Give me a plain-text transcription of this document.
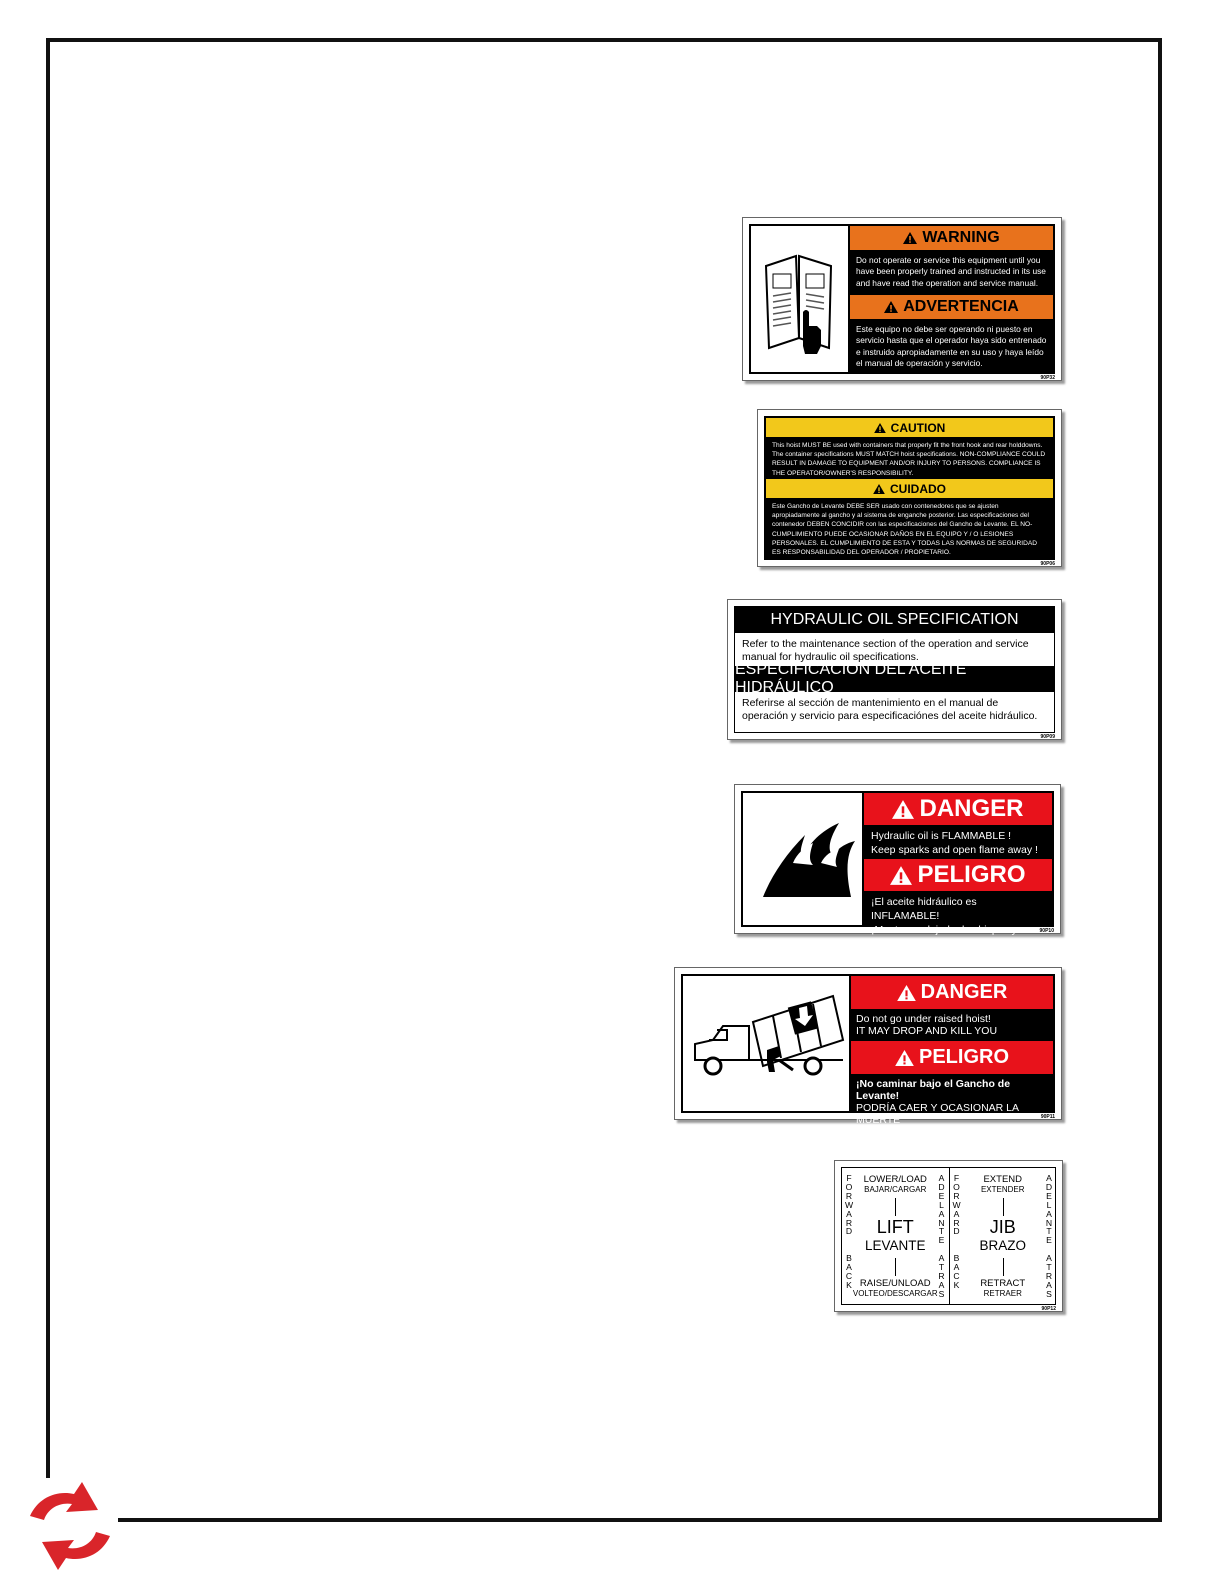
WARNING
Do not operate or service this equipment until you have been properly trained and instructed in its use and have read the operation and service manual.
ADVERTENCIA
Este equipo no debe ser operando ni puesto en servicio hasta que el operador haya sido entrenado e instruido apropiadamente en su uso y haya leído el manual de operación y servicio.
90P32
CAUTION
This hoist MUST BE used with containers that properly fit the front hook and rear holddowns. The container specifications MUST MATCH hoist specifications. NON-COMPLIANCE COULD RESULT IN DAMAGE TO EQUIPMENT AND/OR INJURY TO PERSONS. COMPLIANCE IS THE OPERATOR/OWNER'S RESPONSIBILITY.
CUIDADO
Este Gancho de Levante DEBE SER usado con contenedores que se ajusten apropiadamente al gancho y al sistema de enganche posterior. Las especificaciones del contenedor DEBEN CONCIDIR con las especificaciones del Gancho de Levante. EL NO-CUMPLIMIENTO PUEDE OCASIONAR DAÑOS EN EL EQUIPO Y / O LESIONES PERSONALES. EL CUMPLIMIENTO DE ESTA Y TODAS LAS NORMAS DE SEGURIDAD ES RESPONSABILIDAD DEL OPERADOR / PROPIETARIO.
90P06
HYDRAULIC OIL SPECIFICATION
Refer to the maintenance section of the operation and service manual for hydraulic oil specifications.
ESPECIFICACIÓN DEL ACEITE HIDRÁULICO
Referirse al sección de mantenimiento en el manual de operación y servicio para especificaciónes del aceite hidráulico.
90P09
DANGER
Hydraulic oil is FLAMMABLE !
Keep sparks and open flame away !
PELIGRO
¡El aceite hidráulico es INFLAMABLE!
¡Mantener alejado de chispas y fuego!
90P10
DANGER
Do not go under raised hoist!
IT MAY DROP AND KILL YOU
PELIGRO
¡No caminar bajo el Gancho de Levante!
PODRÍA CAER Y OCASIONAR LA MUERTE	90P11
FORWARD
BACK
ADELANTE
ATRAS
LOWER/LOAD
BAJAR/CARGAR
LIFT
LEVANTE
RAISE/UNLOAD
VOLTEO/DESCARGAR
FORWARD
BACK
ADELANTE
ATRAS
EXTEND
EXTENDER
JIB
BRAZO
RETRACT
RETRAER
90P12
